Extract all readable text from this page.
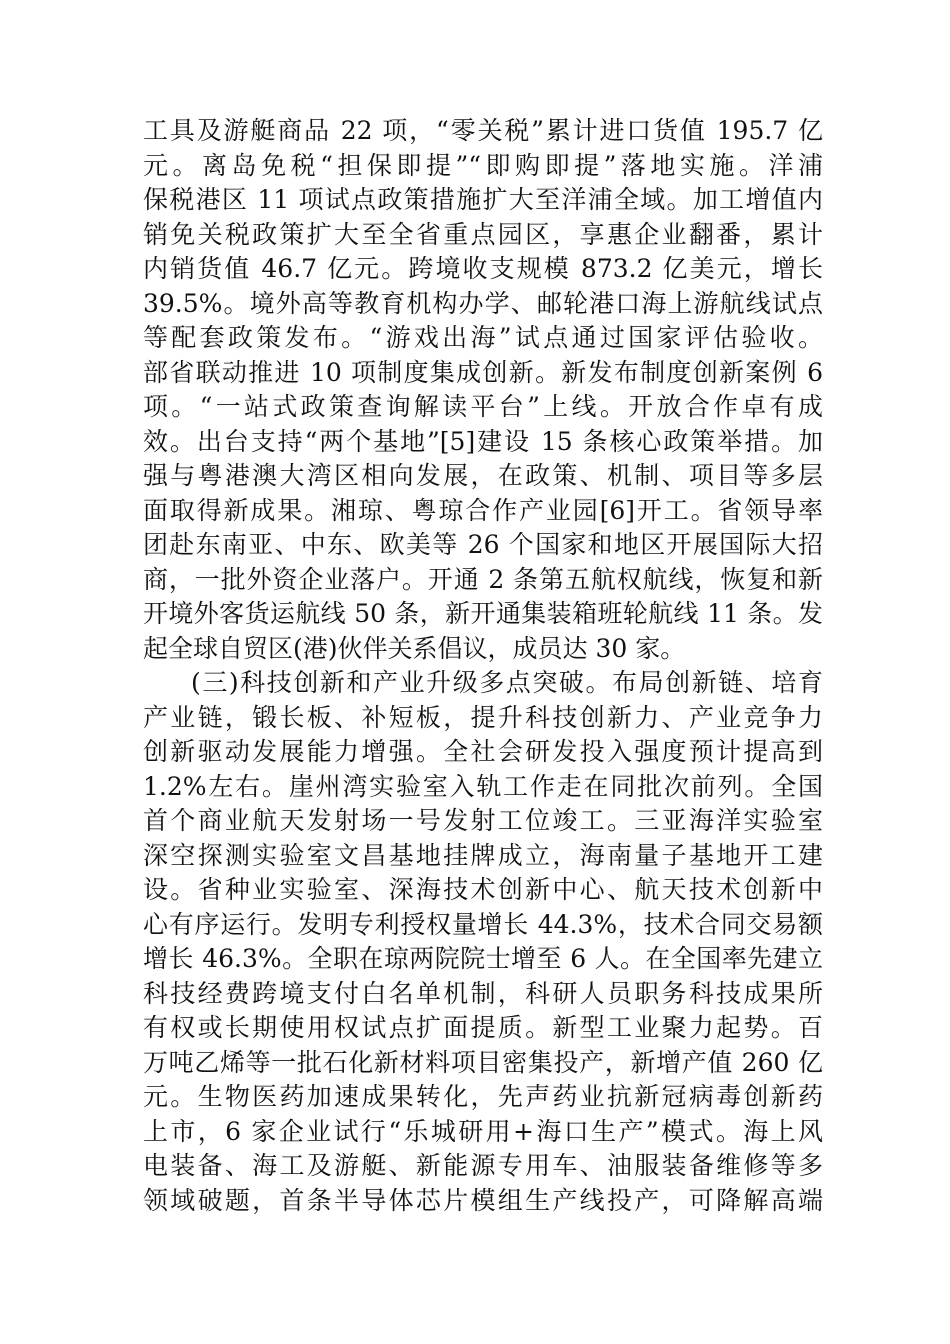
工具及游艇商品 22 项，“零关税”累计进口货值 195.7 亿
元。离岛免税“担保即提”“即购即提”落地实施。洋浦
保税港区 11 项试点政策措施扩大至洋浦全域。加工增值内
销免关税政策扩大至全省重点园区，享惠企业翻番，累计
内销货值 46.7 亿元。跨境收支规模 873.2 亿美元，增长
39.5%。境外高等教育机构办学、邮轮港口海上游航线试点
等配套政策发布。“游戏出海”试点通过国家评估验收。
部省联动推进 10 项制度集成创新。新发布制度创新案例 6
项。“一站式政策查询解读平台”上线。开放合作卓有成
效。出台支持“两个基地”[5]建设 15 条核心政策举措。加
强与粤港澳大湾区相向发展，在政策、机制、项目等多层
面取得新成果。湘琼、粤琼合作产业园[6]开工。省领导率
团赴东南亚、中东、欧美等 26 个国家和地区开展国际大招
商，一批外资企业落户。开通 2 条第五航权航线，恢复和新
开境外客货运航线 50 条，新开通集装箱班轮航线 11 条。发
起全球自贸区(港)伙伴关系倡议，成员达 30 家。
(三)科技创新和产业升级多点突破。布局创新链、培育
产业链，锻长板、补短板，提升科技创新力、产业竞争力
创新驱动发展能力增强。全社会研发投入强度预计提高到
1.2%左右。崖州湾实验室入轨工作走在同批次前列。全国
首个商业航天发射场一号发射工位竣工。三亚海洋实验室
深空探测实验室文昌基地挂牌成立，海南量子基地开工建
设。省种业实验室、深海技术创新中心、航天技术创新中
心有序运行。发明专利授权量增长 44.3%，技术合同交易额
增长 46.3%。全职在琼两院院士增至 6 人。在全国率先建立
科技经费跨境支付白名单机制，科研人员职务科技成果所
有权或长期使用权试点扩面提质。新型工业聚力起势。百
万吨乙烯等一批石化新材料项目密集投产，新增产值 260 亿
元。生物医药加速成果转化，先声药业抗新冠病毒创新药
上市，6 家企业试行“乐城研用+海口生产”模式。海上风
电装备、海工及游艇、新能源专用车、油服装备维修等多
领域破题，首条半导体芯片模组生产线投产，可降解高端
